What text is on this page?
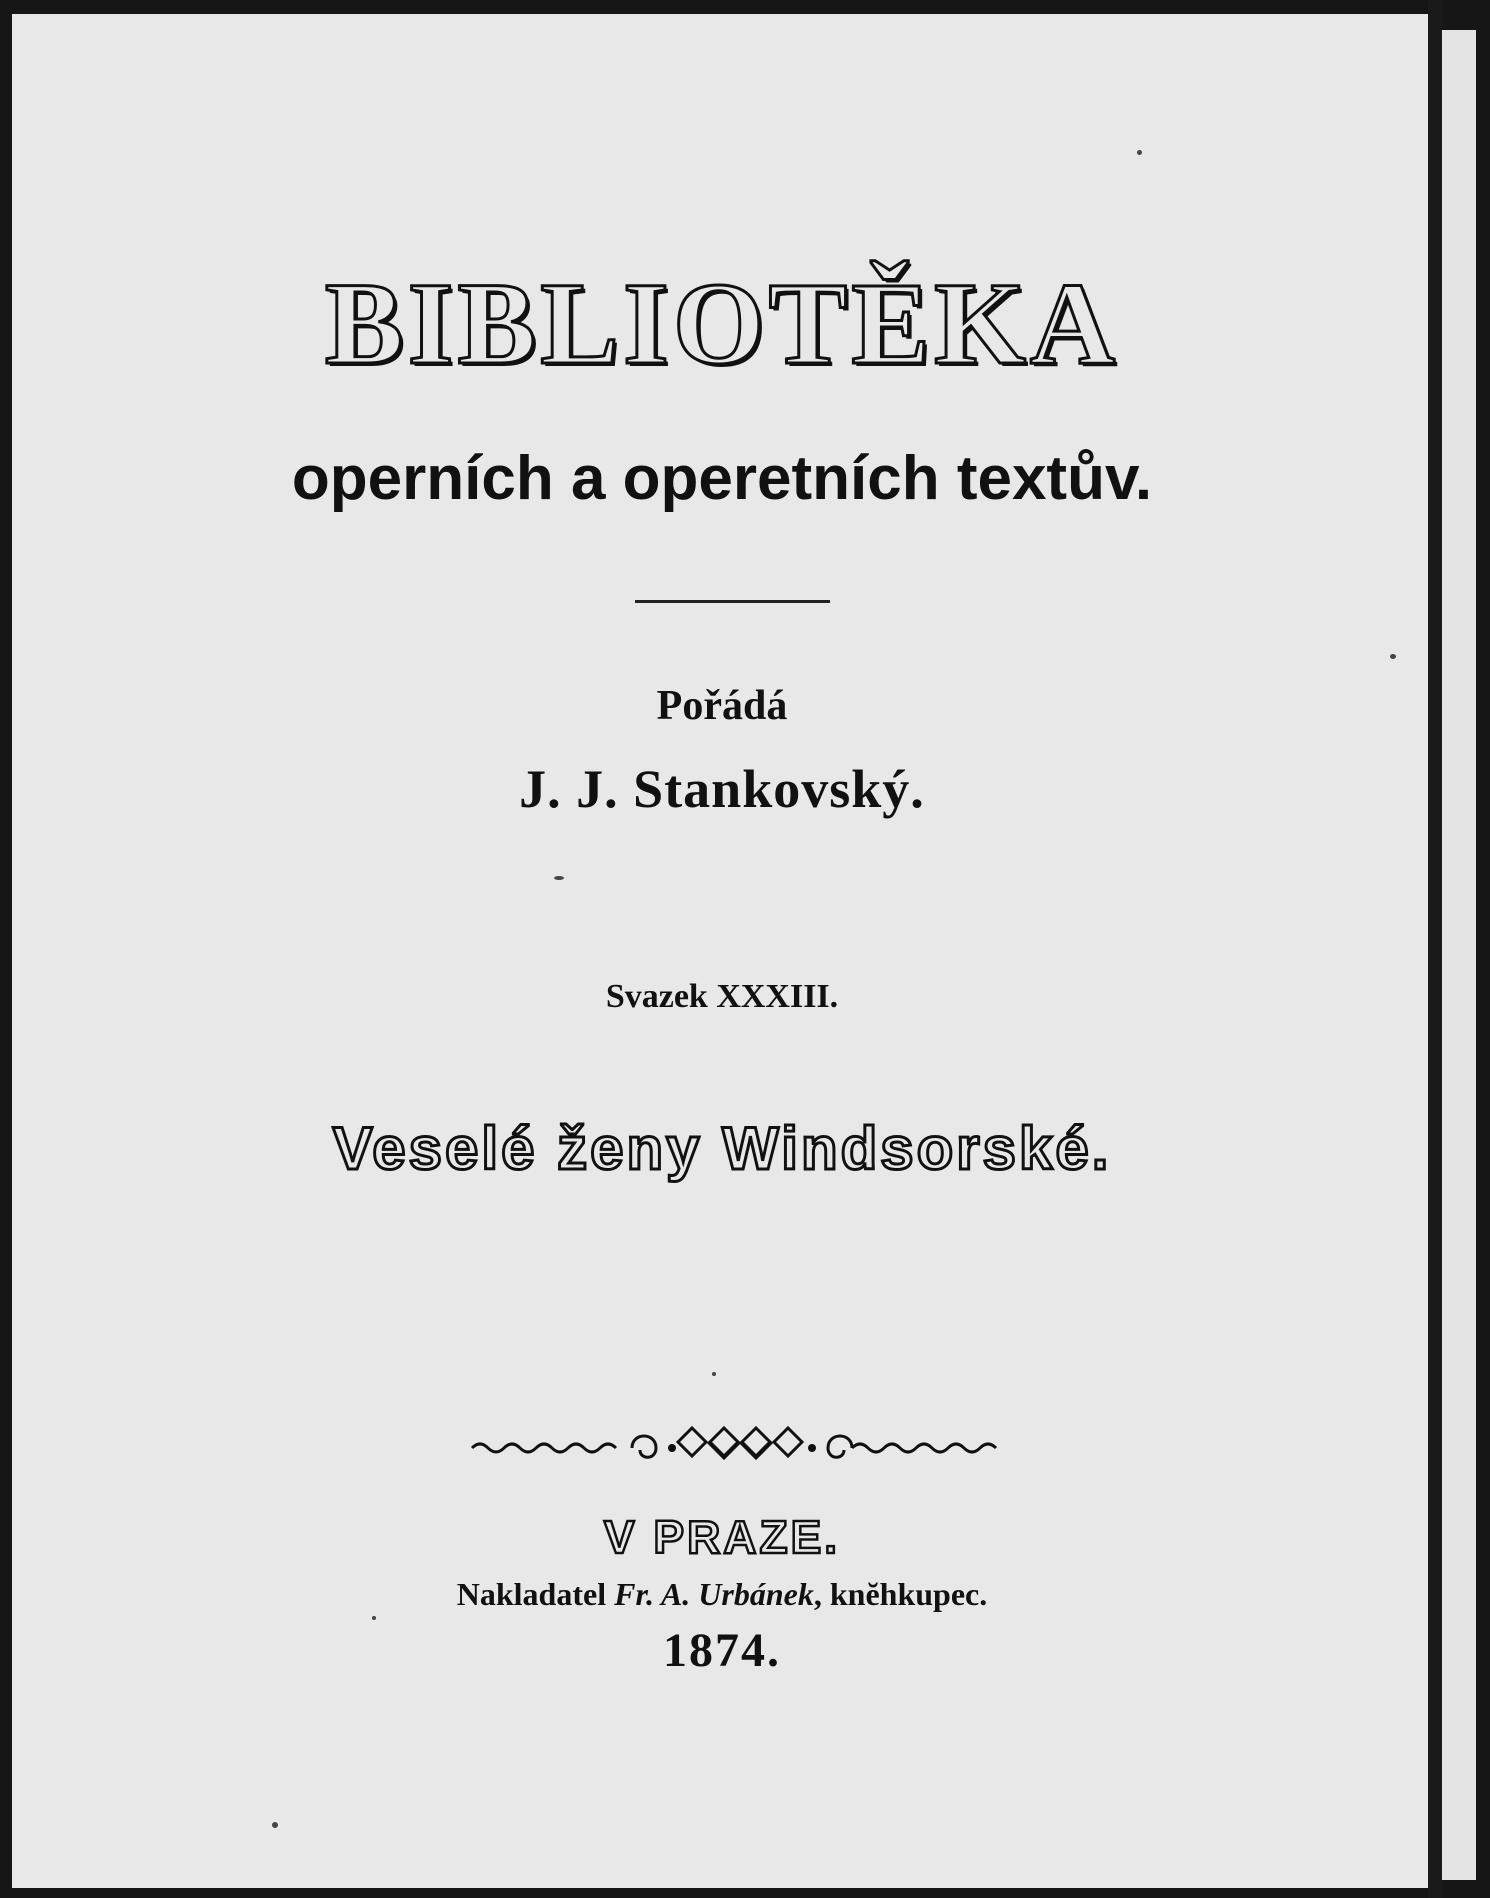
BIBLIOTĚKA
operních a operetních textův.
Pořádá
J. J. Stankovský.
Svazek XXXIII.
Veselé ženy Windsorské.
V PRAZE.
Nakladatel Fr. A. Urbánek, knĕhkupec.
1874.
